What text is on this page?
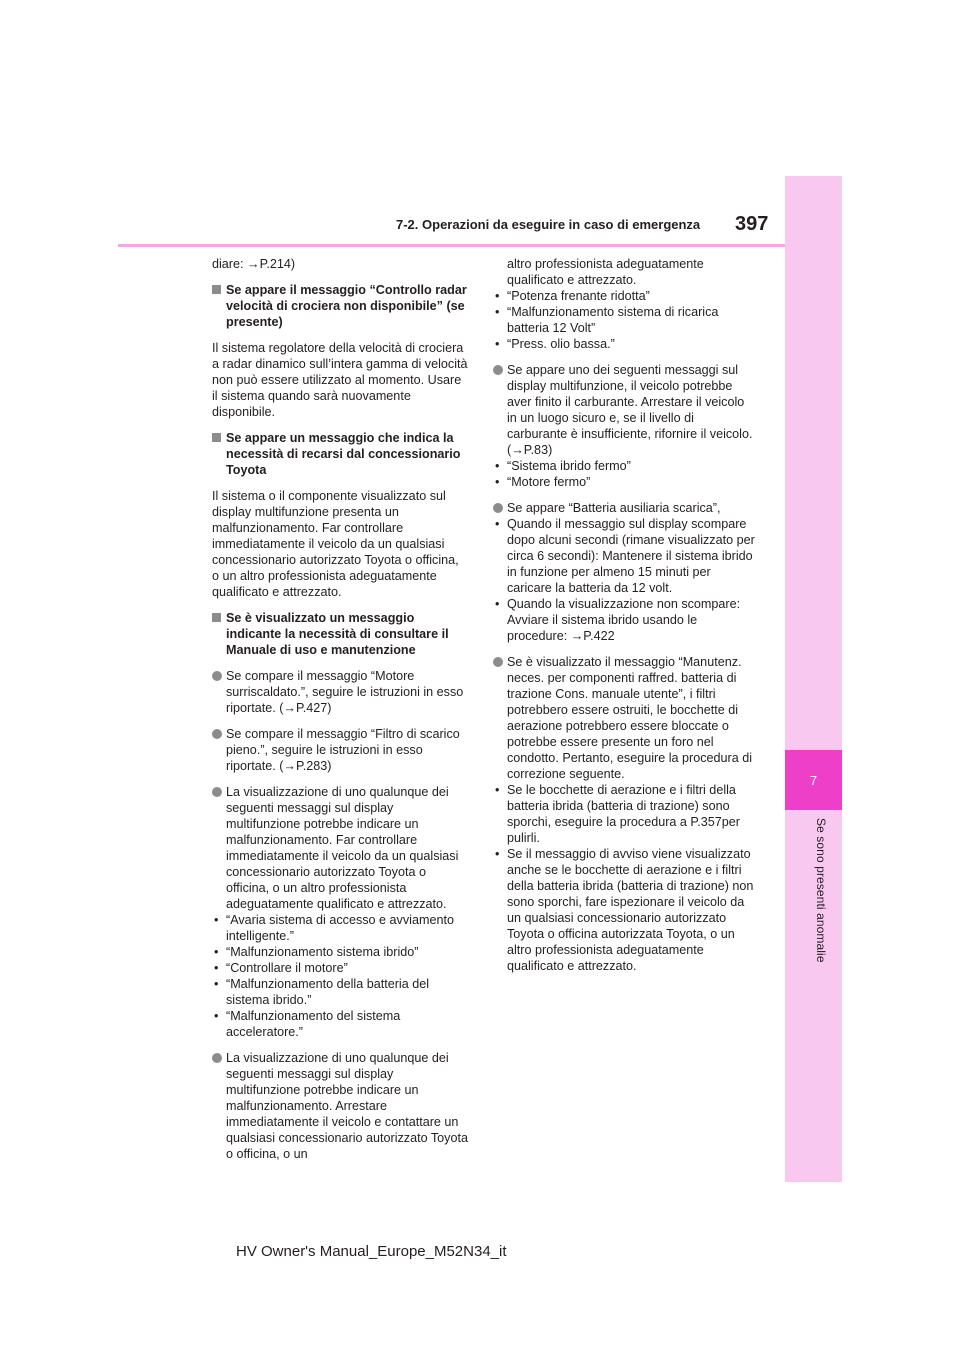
7
Se sono presenti anomalie
7-2. Operazioni da eseguire in caso di emergenza 397

diare: →P.214)

Se appare il messaggio “Controllo radar velocità di crociera non disponibile” (se presente)

Il sistema regolatore della velocità di crociera a radar dinamico sull’intera gamma di velocità non può essere utilizzato al momento. Usare il sistema quando sarà nuovamente disponibile.

Se appare un messaggio che indica la necessità di recarsi dal concessionario Toyota

Il sistema o il componente visualizzato sul display multifunzione presenta un malfunzionamento. Far controllare immediatamente il veicolo da un qualsiasi concessionario autorizzato Toyota o officina, o un altro professionista adeguatamente qualificato e attrezzato.

Se è visualizzato un messaggio indicante la necessità di consultare il Manuale di uso e manutenzione
Se compare il messaggio “Motore surriscaldato.”, seguire le istruzioni in esso riportate. (→P.427)
Se compare il messaggio “Filtro di scarico pieno.”, seguire le istruzioni in esso riportate. (→P.283)
La visualizzazione di uno qualunque dei seguenti messaggi sul display multifunzione potrebbe indicare un malfunzionamento. Far controllare immediatamente il veicolo da un qualsiasi concessionario autorizzato Toyota o officina, o un altro professionista adeguatamente qualificato e attrezzato.
• “Avaria sistema di accesso e avviamento intelligente.”
• “Malfunzionamento sistema ibrido”
• “Controllare il motore”
• “Malfunzionamento della batteria del sistema ibrido.”
• “Malfunzionamento del sistema acceleratore.”
La visualizzazione di uno qualunque dei seguenti messaggi sul display multifunzione potrebbe indicare un malfunzionamento. Arrestare immediatamente il veicolo e contattare un qualsiasi concessionario autorizzato Toyota o officina, o un

altro professionista adeguatamente qualificato e attrezzato.

• “Potenza frenante ridotta”
• “Malfunzionamento sistema di ricarica batteria 12 Volt”
• “Press. olio bassa.”
Se appare uno dei seguenti messaggi sul display multifunzione, il veicolo potrebbe aver finito il carburante. Arrestare il veicolo in un luogo sicuro e, se il livello di carburante è insufficiente, rifornire il veicolo. (→P.83)
• “Sistema ibrido fermo”
• “Motore fermo”
Se appare “Batteria ausiliaria scarica”,
• Quando il messaggio sul display scompare dopo alcuni secondi (rimane visualizzato per circa 6 secondi): Mantenere il sistema ibrido in funzione per almeno 15 minuti per caricare la batteria da 12 volt.
• Quando la visualizzazione non scompare: Avviare il sistema ibrido usando le procedure: →P.422
Se è visualizzato il messaggio “Manutenz. neces. per componenti raffred. batteria di trazione Cons. manuale utente”, i filtri potrebbero essere ostruiti, le bocchette di aerazione potrebbero essere bloccate o potrebbe essere presente un foro nel condotto. Pertanto, eseguire la procedura di correzione seguente.
• Se le bocchette di aerazione e i filtri della batteria ibrida (batteria di trazione) sono sporchi, eseguire la procedura a P.357per pulirli.
• Se il messaggio di avviso viene visualizzato anche se le bocchette di aerazione e i filtri della batteria ibrida (batteria di trazione) non sono sporchi, fare ispezionare il veicolo da un qualsiasi concessionario autorizzato Toyota o officina autorizzata Toyota, o un altro professionista adeguatamente qualificato e attrezzato.
HV Owner's Manual_Europe_M52N34_it
